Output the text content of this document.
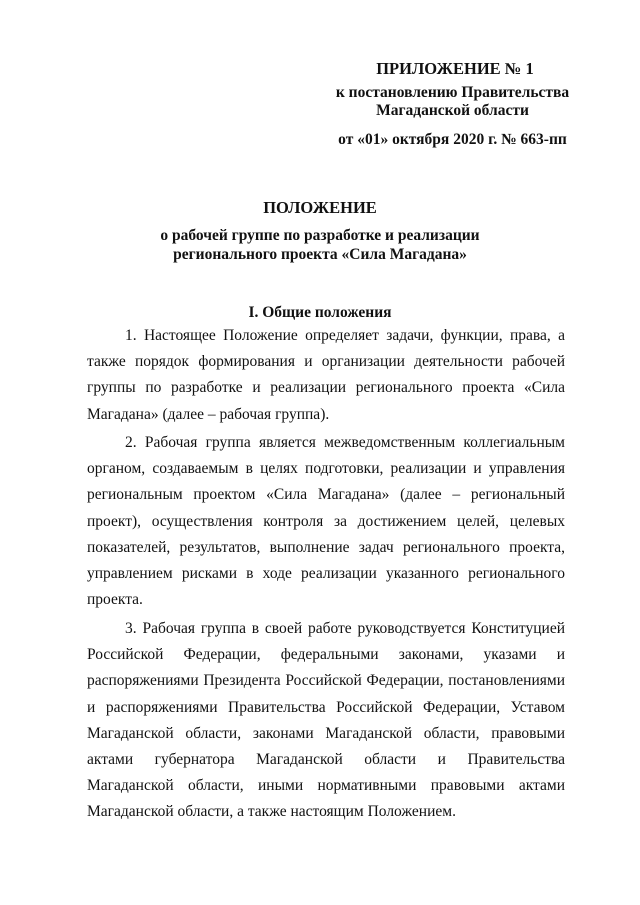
ПРИЛОЖЕНИЕ № 1
к постановлению Правительства Магаданской области
от «01» октября 2020 г. № 663-пп
ПОЛОЖЕНИЕ
о рабочей группе по разработке и реализации регионального проекта «Сила Магадана»
I. Общие положения

1. Настоящее Положение определяет задачи, функции, права, а также порядок формирования и организации деятельности рабочей группы по разработке и реализации регионального проекта «Сила Магадана» (далее – рабочая группа).

2. Рабочая группа является межведомственным коллегиальным органом, создаваемым в целях подготовки, реализации и управления региональным проектом «Сила Магадана» (далее – региональный проект), осуществления контроля за достижением целей, целевых показателей, результатов, выполнение задач регионального проекта, управлением рисками в ходе реализации указанного регионального проекта.

3. Рабочая группа в своей работе руководствуется Конституцией Российской Федерации, федеральными законами, указами и распоряжениями Президента Российской Федерации, постановлениями и распоряжениями Правительства Российской Федерации, Уставом Магаданской области, законами Магаданской области, правовыми актами губернатора Магаданской области и Правительства Магаданской области, иными нормативными правовыми актами Магаданской области, а также настоящим Положением.
